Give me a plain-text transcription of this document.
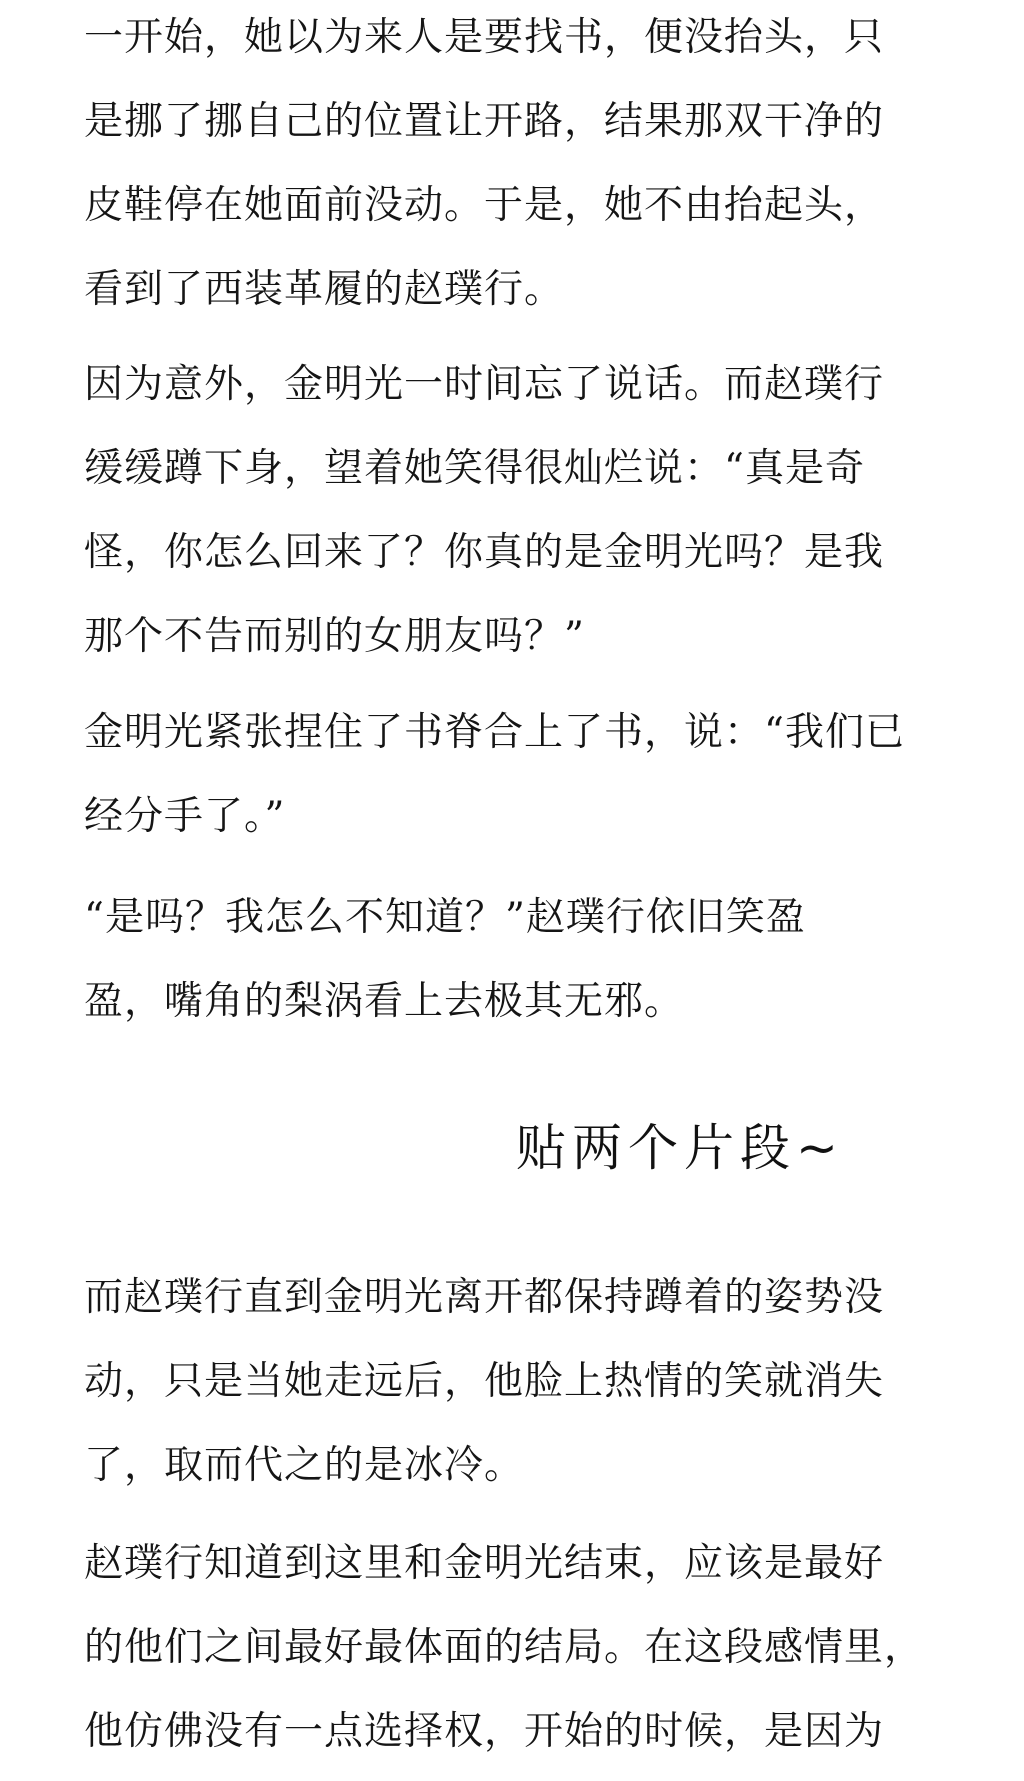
一开始，她以为来人是要找书，便没抬头，只
是挪了挪自己的位置让开路，结果那双干净的
皮鞋停在她面前没动。于是，她不由抬起头，
看到了西装革履的赵璞行。
因为意外，金明光一时间忘了说话。而赵璞行
缓缓蹲下身，望着她笑得很灿烂说：“真是奇
怪，你怎么回来了？你真的是金明光吗？是我
那个不告而别的女朋友吗？”
金明光紧张捏住了书脊合上了书，说：“我们已
经分手了。”
“是吗？我怎么不知道？”赵璞行依旧笑盈
盈，嘴角的梨涡看上去极其无邪。
贴两个片段~
而赵璞行直到金明光离开都保持蹲着的姿势没
动，只是当她走远后，他脸上热情的笑就消失
了，取而代之的是冰冷。
赵璞行知道到这里和金明光结束，应该是最好
的他们之间最好最体面的结局。在这段感情里，
他仿佛没有一点选择权，开始的时候，是因为
